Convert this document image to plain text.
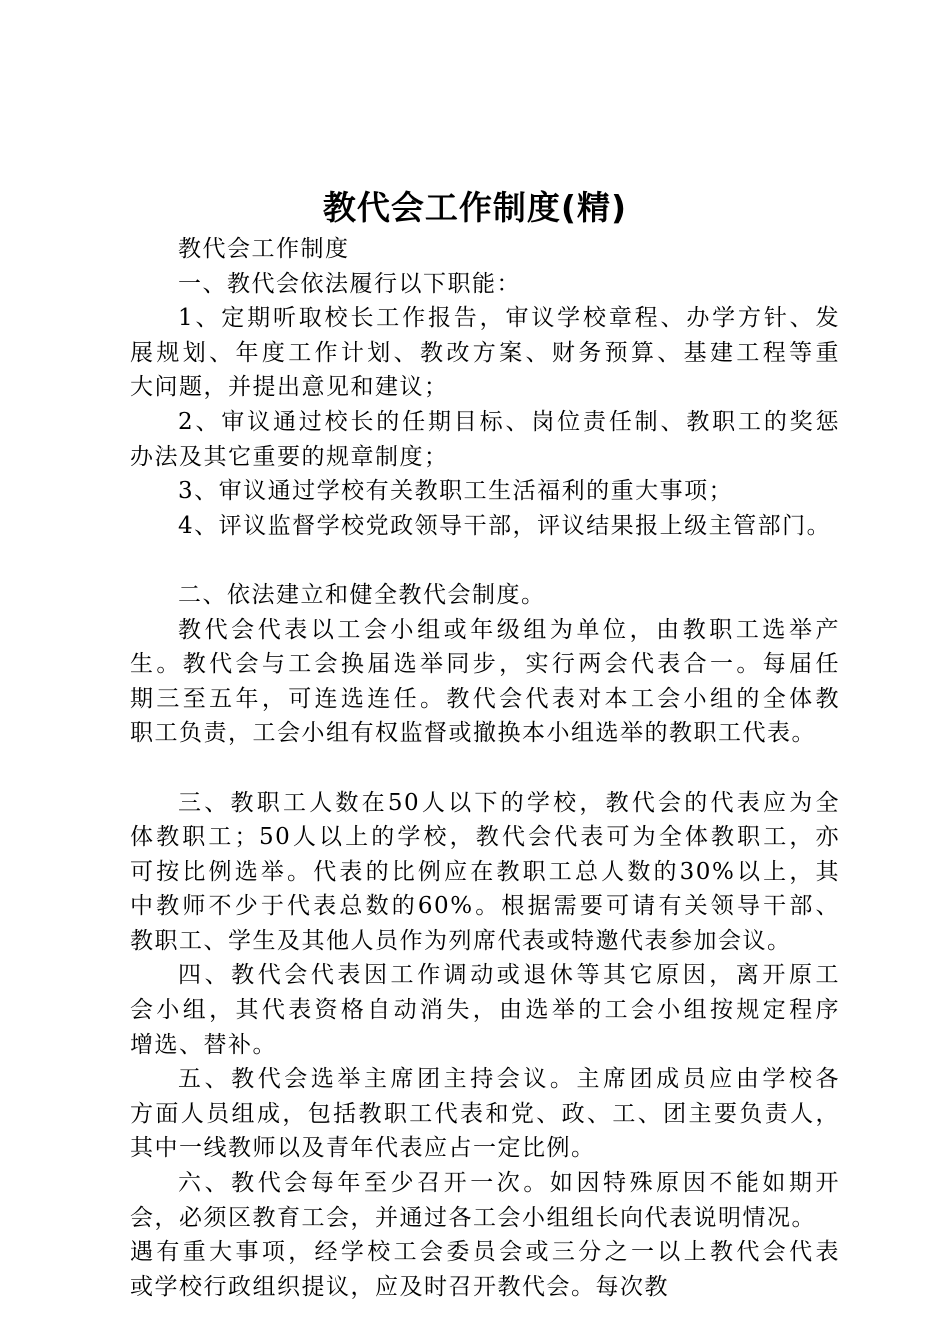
教代会工作制度(精)
教代会工作制度
一、教代会依法履行以下职能：
1、定期听取校长工作报告，审议学校章程、办学方针、发
展规划、年度工作计划、教改方案、财务预算、基建工程等重
大问题，并提出意见和建议；
2、审议通过校长的任期目标、岗位责任制、教职工的奖惩
办法及其它重要的规章制度；
3、审议通过学校有关教职工生活福利的重大事项；
4、评议监督学校党政领导干部，评议结果报上级主管部门。
二、依法建立和健全教代会制度。
教代会代表以工会小组或年级组为单位，由教职工选举产
生。教代会与工会换届选举同步，实行两会代表合一。每届任
期三至五年，可连选连任。教代会代表对本工会小组的全体教
职工负责，工会小组有权监督或撤换本小组选举的教职工代表。
三、教职工人数在50人以下的学校，教代会的代表应为全
体教职工；50人以上的学校，教代会代表可为全体教职工，亦
可按比例选举。代表的比例应在教职工总人数的30%以上，其
中教师不少于代表总数的60%。根据需要可请有关领导干部、
教职工、学生及其他人员作为列席代表或特邀代表参加会议。
四、教代会代表因工作调动或退休等其它原因，离开原工
会小组，其代表资格自动消失，由选举的工会小组按规定程序
增选、替补。
五、教代会选举主席团主持会议。主席团成员应由学校各
方面人员组成，包括教职工代表和党、政、工、团主要负责人，
其中一线教师以及青年代表应占一定比例。
六、教代会每年至少召开一次。如因特殊原因不能如期开
会，必须区教育工会，并通过各工会小组组长向代表说明情况。
遇有重大事项，经学校工会委员会或三分之一以上教代会代表
或学校行政组织提议，应及时召开教代会。每次教
